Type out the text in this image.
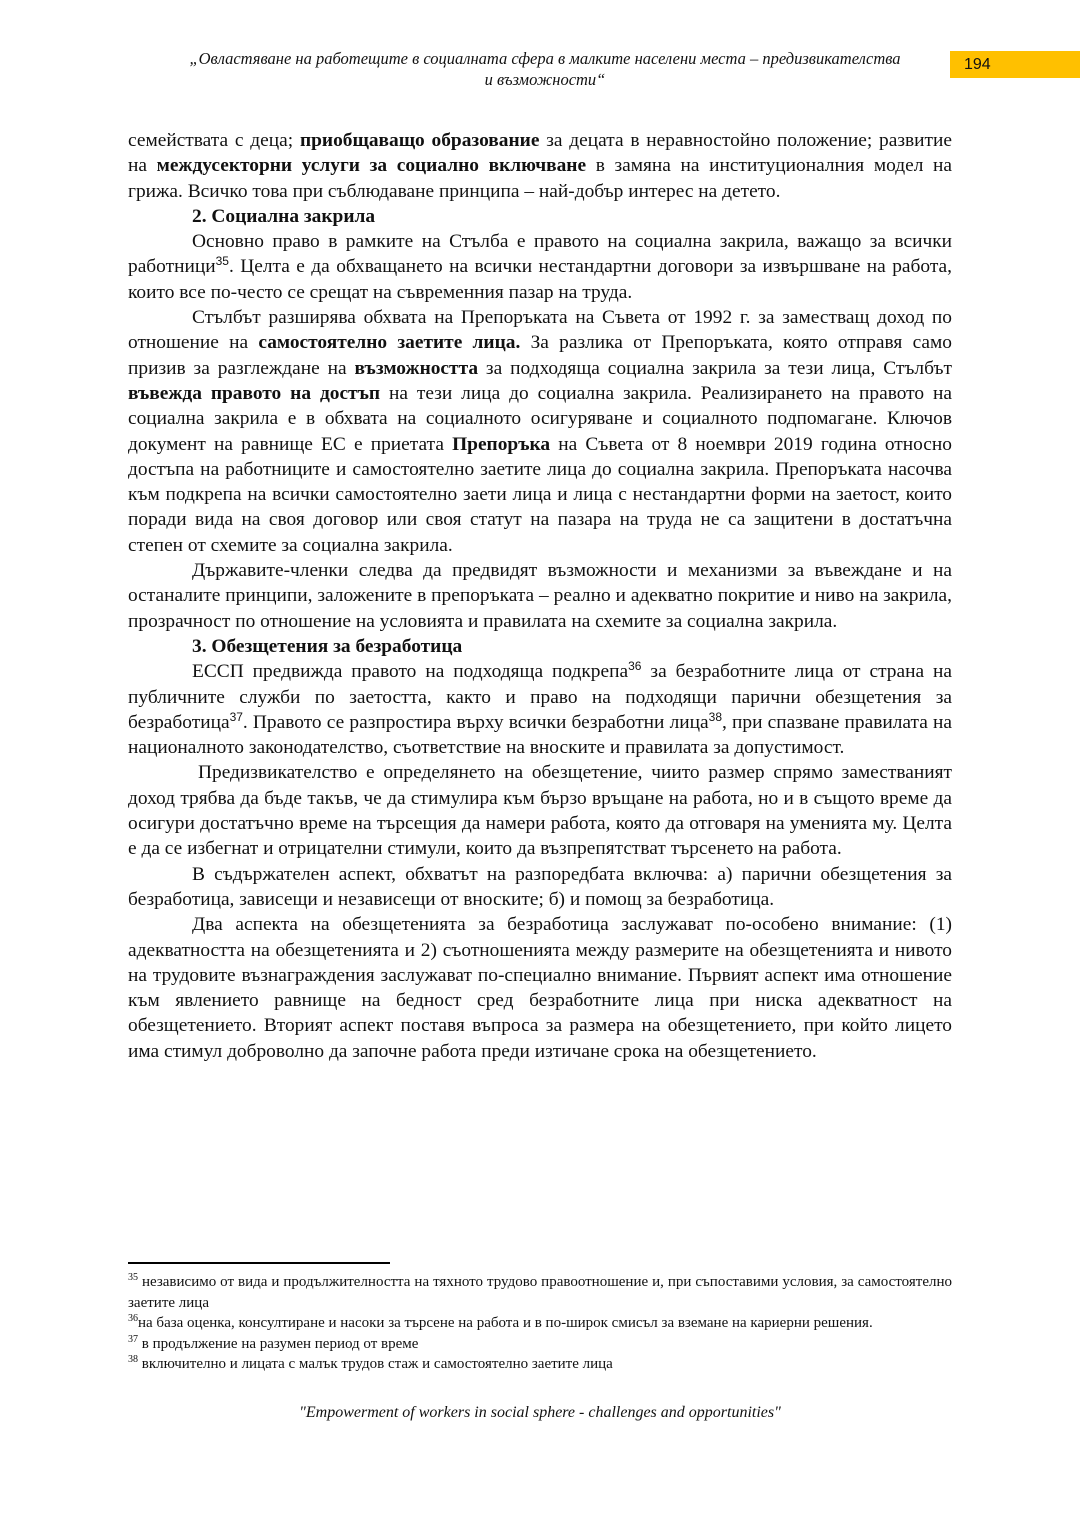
„Овластяване на работещите в социалната сфера в малките населени места – предизвикателства
и възможности“
194

семействата с деца; приобщаващо образование за децата в неравностойно положение; развитие на междусекторни услуги за социално включване в замяна на институционалния модел на грижа. Всичко това при съблюдаване принципа – най-добър интерес на детето.

2. Социална закрила

Основно право в рамките на Стълба е правото на социална закрила, важащо за всички работници$^{35}$. Целта е да обхващането на всички нестандартни договори за извършване на работа, които все по-често се срещат на съвременния пазар на труда.

Стълбът разширява обхвата на Препоръката на Съвета от 1992 г. за заместващ доход по отношение на самостоятелно заетите лица. За разлика от Препоръката, която отправя само призив за разглеждане на възможността за подходяща социална закрила за тези лица, Стълбът въвежда правото на достъп на тези лица до социална закрила. Реализирането на правото на социална закрила е в обхвата на социалното осигуряване и социалното подпомагане. Ключов документ на равнище ЕС е приетата Препоръка на Съвета от 8 ноември 2019 година относно достъпа на работниците и самостоятелно заетите лица до социална закрила. Препоръката насочва към подкрепа на всички самостоятелно заети лица и лица с нестандартни форми на заетост, които поради вида на своя договор или своя статут на пазара на труда не са защитени в достатъчна степен от схемите за социална закрила.

Държавите-членки следва да предвидят възможности и механизми за въвеждане и на останалите принципи, заложените в препоръката – реално и адекватно покритие и ниво на закрила, прозрачност по отношение на условията и правилата на схемите за социална закрила.

3. Обезщетения за безработица

ЕССП предвижда правото на подходяща подкрепа$^{36}$ за безработните лица от страна на публичните служби по заетостта, както и право на подходящи парични обезщетения за безработица$^{37}$. Правото се разпростира върху всички безработни лица$^{38}$, при спазване правилата на националното законодателство, съответствие на вноските и правилата за допустимост.

Предизвикателство е определянето на обезщетение, чиито размер спрямо заместваният доход трябва да бъде такъв, че да стимулира към бързо връщане на работа, но и в същото време да осигури достатъчно време на търсещия да намери работа, която да отговаря на уменията му. Целта е да се избегнат и отрицателни стимули, които да възпрепятстват търсенето на работа.

В съдържателен аспект, обхватът на разпоредбата включва: а) парични обезщетения за безработица, зависещи и независещи от вноските; б) и помощ за безработица.

Два аспекта на обезщетенията за безработица заслужават по-особено внимание: (1) адекватността на обезщетенията и 2) съотношенията между размерите на обезщетенията и нивото на трудовите възнаграждения заслужават по-специално внимание. Първият аспект има отношение към явлението равнище на бедност сред безработните лица при ниска адекватност на обезщетението. Вторият аспект поставя въпроса за размера на обезщетението, при който лицето има стимул доброволно да започне работа преди изтичане срока на обезщетението.

$^{35}$ независимо от вида и продължителността на тяхното трудово правоотношение и, при съпоставими условия, за самостоятелно заетите лица

$^{36}$на база оценка, консултиране и насоки за търсене на работа и в по-широк смисъл за вземане на кариерни решения.

$^{37}$ в продължение на разумен период от време

$^{38}$ включително и лицата с малък трудов стаж и самостоятелно заетите лица

"Empowerment of workers in social sphere - challenges and opportunities"
